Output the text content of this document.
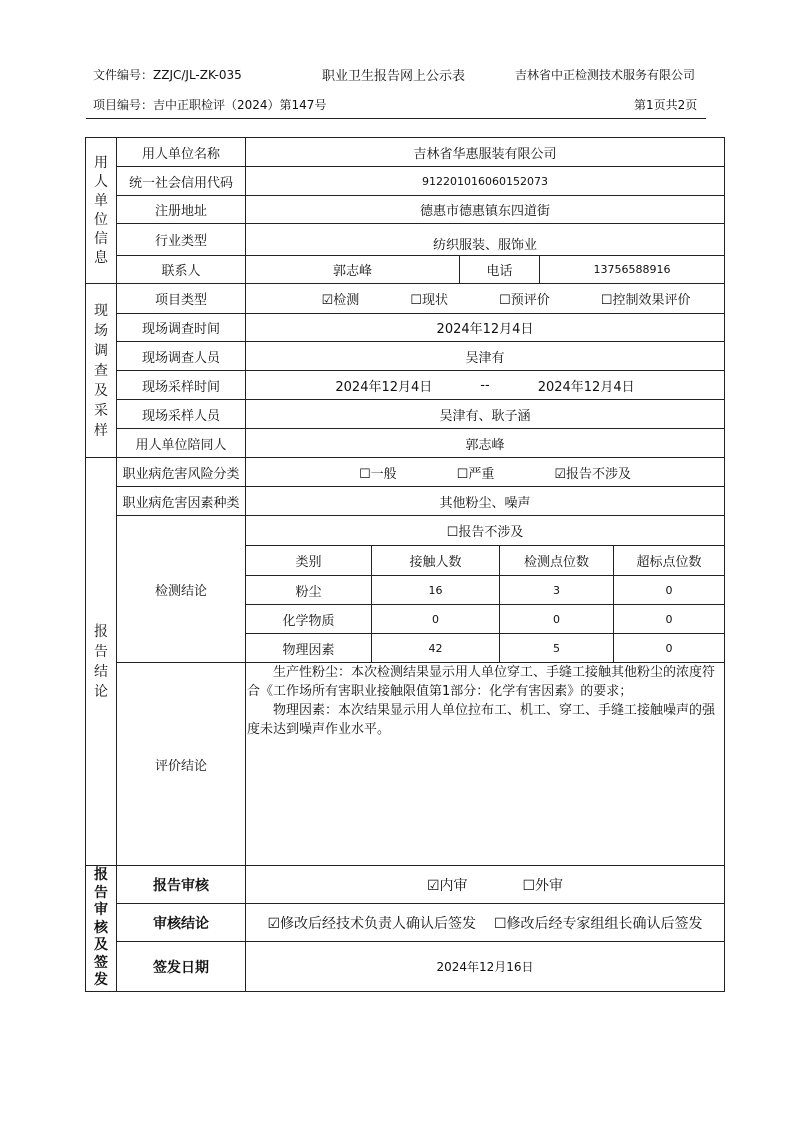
文件编号：ZZJC/JL-ZK-035	职业卫生报告网上公示表	吉林省中正检测技术服务有限公司
项目编号：吉中正职检评（2024）第147号	第1页共2页
用人单位信息
用人单位名称	吉林省华惠服装有限公司
统一社会信用代码	912201016060152073
注册地址	德惠市德惠镇东四道街
行业类型	纺织服装、服饰业
联系人	郭志峰	电话	13756588916
现场调查及采样
项目类型	☑检测	☐现状	☐预评价	☐控制效果评价
现场调查时间	2024年12月4日
现场调查人员	吴津有
现场采样时间	2024年12月4日	--	2024年12月4日
现场采样人员	吴津有、耿子涵
用人单位陪同人	郭志峰
报告结论
职业病危害风险分类	☐一般	☐严重	☑报告不涉及
职业病危害因素种类	其他粉尘、噪声
检测结论
☐报告不涉及
类别	接触人数	检测点位数	超标点位数
粉尘	16	3	0
化学物质	0	0	0
物理因素	42	5	0
评价结论
　　生产性粉尘：本次检测结果显示用人单位穿工、手缝工接触其他粉尘的浓度符合《工作场所有害职业接触限值第1部分：化学有害因素》的要求；
　　物理因素：本次结果显示用人单位拉布工、机工、穿工、手缝工接触噪声的强度未达到噪声作业水平。
报告审核及签发
报告审核	☑内审	☐外审
审核结论	☑修改后经技术负责人确认后签发 ☐修改后经专家组组长确认后签发
签发日期	2024年12月16日
